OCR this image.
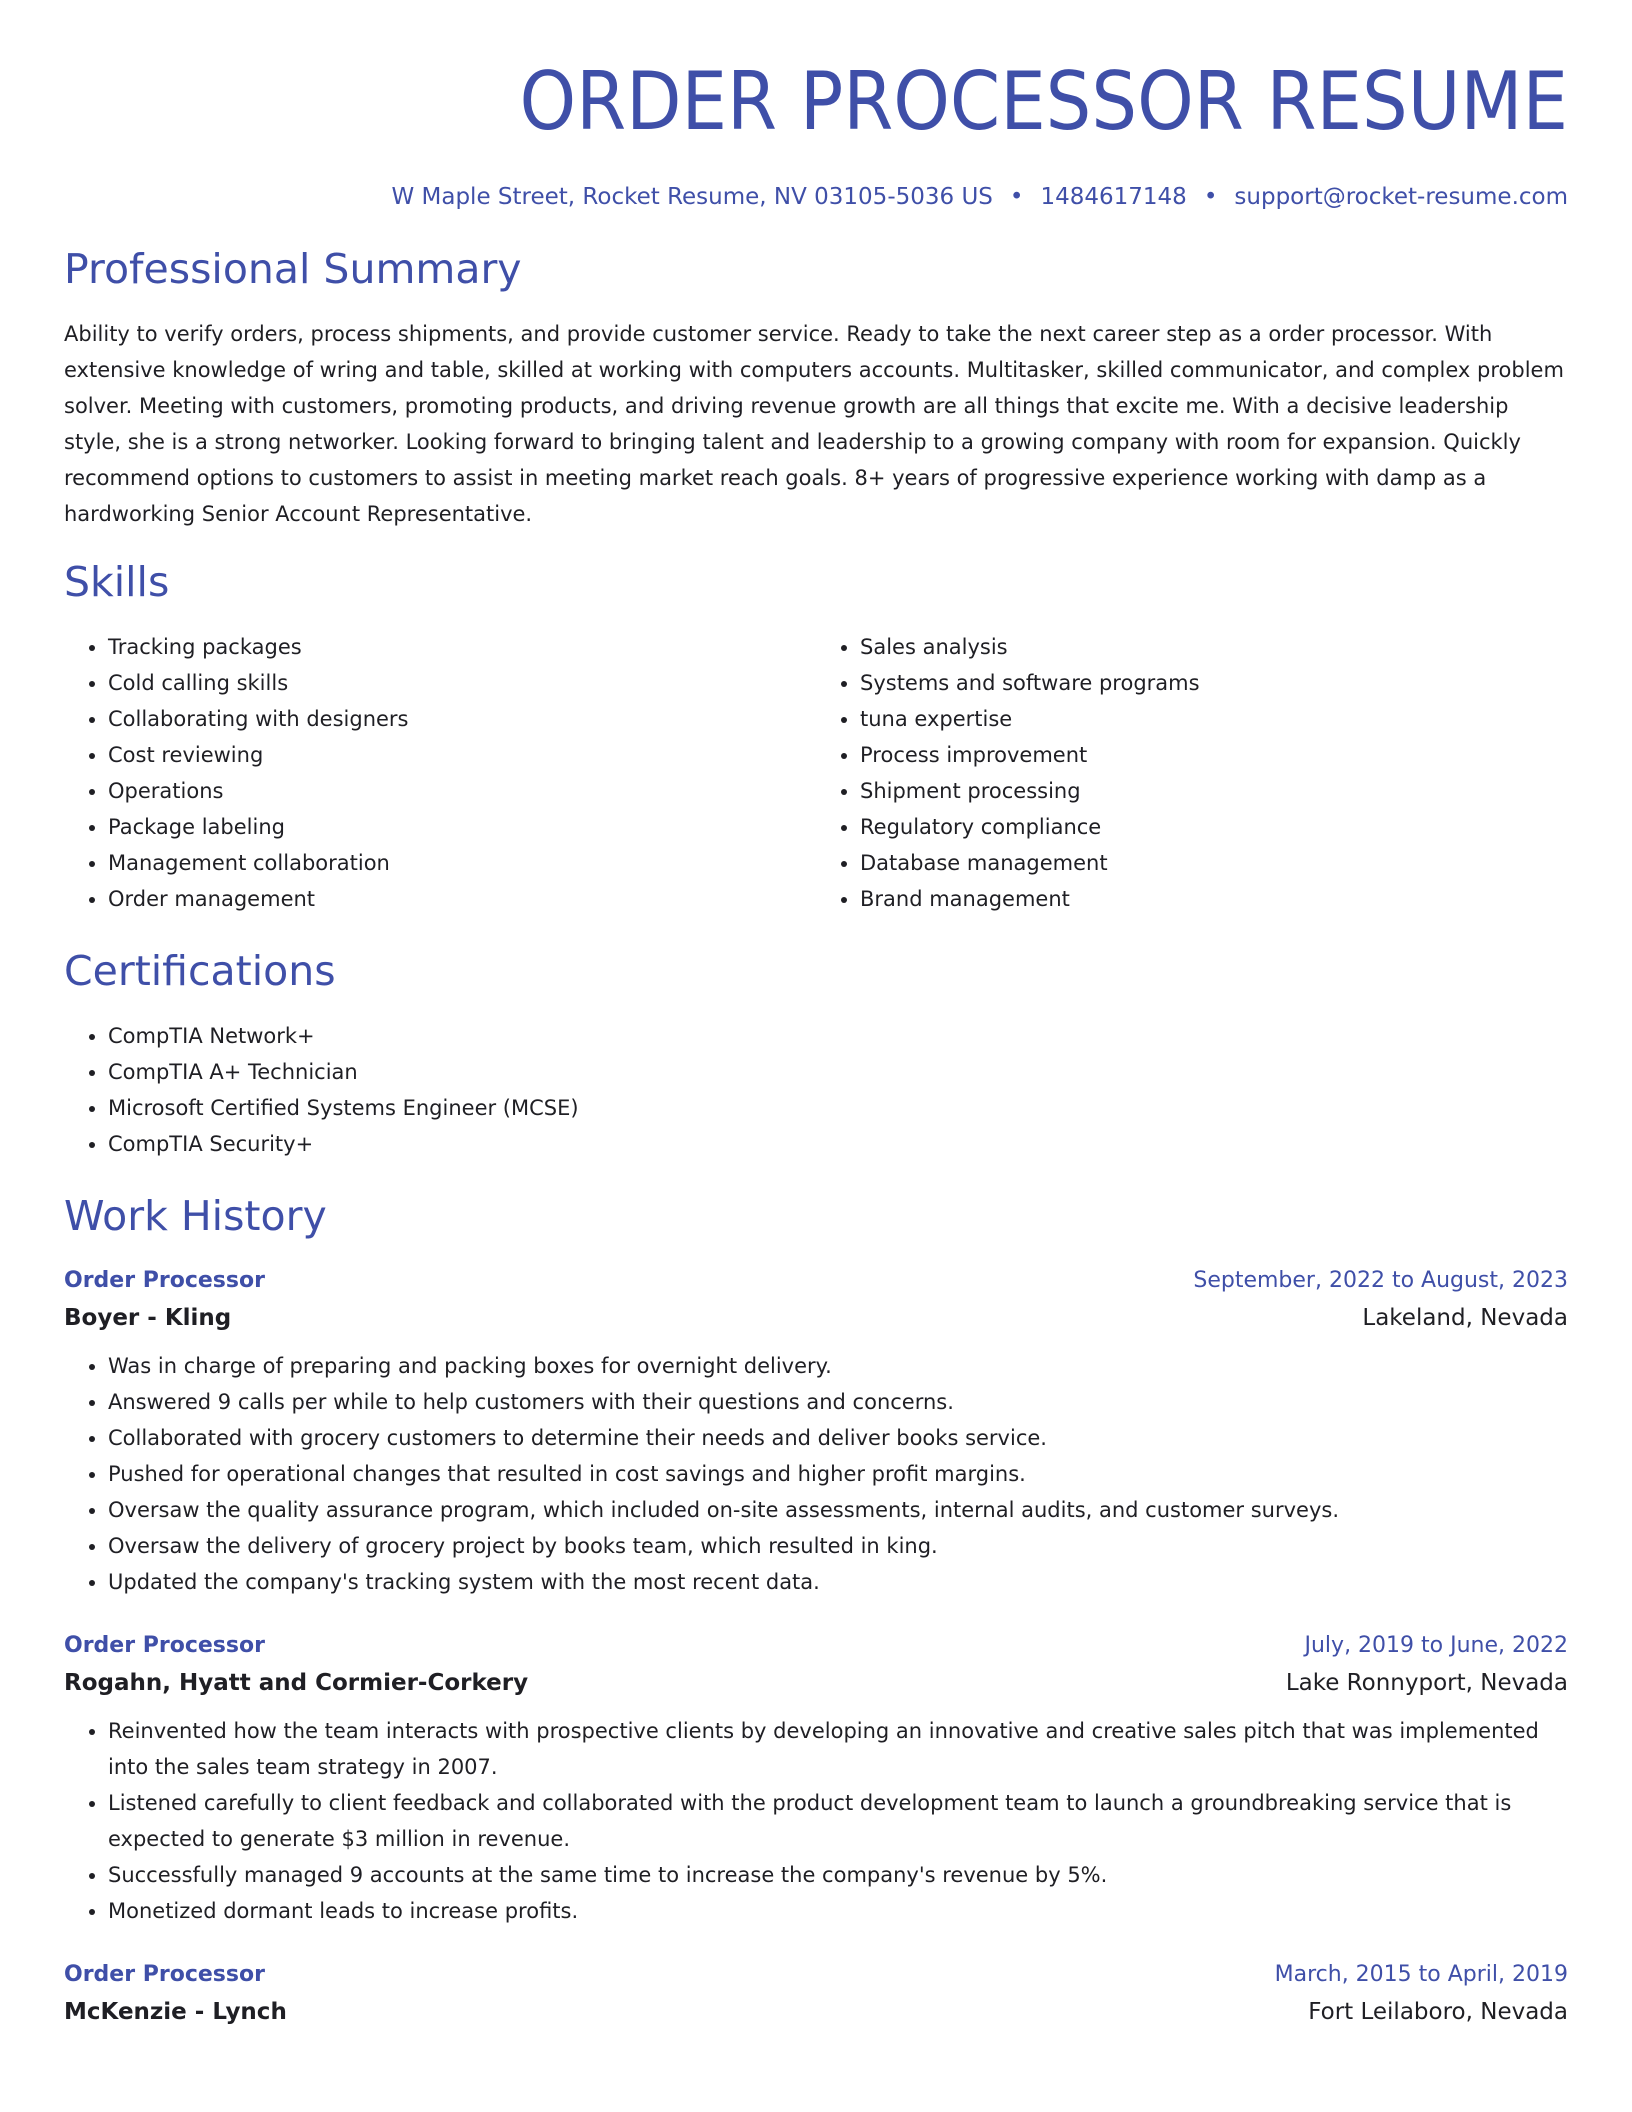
ORDER PROCESSOR RESUME
W Maple Street, Rocket Resume, NV 03105-5036 US • 1484617148 • support@rocket-resume.com
Professional Summary

Ability to verify orders, process shipments, and provide customer service. Ready to take the next career step as a order processor. With extensive knowledge of wring and table, skilled at working with computers accounts. Multitasker, skilled communicator, and complex problem solver. Meeting with customers, promoting products, and driving revenue growth are all things that excite me. With a decisive leadership style, she is a strong networker. Looking forward to bringing talent and leadership to a growing company with room for expansion. Quickly recommend options to customers to assist in meeting market reach goals. 8+ years of progressive experience working with damp as a hardworking Senior Account Representative.

Skills
• Tracking packages
• Cold calling skills
• Collaborating with designers
• Cost reviewing
• Operations
• Package labeling
• Management collaboration
• Order management
• Sales analysis
• Systems and software programs
• tuna expertise
• Process improvement
• Shipment processing
• Regulatory compliance
• Database management
• Brand management
Certifications
• CompTIA Network+
• CompTIA A+ Technician
• Microsoft Certified Systems Engineer (MCSE)
• CompTIA Security+
Work History
Order Processor	September, 2022 to August, 2023
Boyer - Kling	Lakeland, Nevada
• Was in charge of preparing and packing boxes for overnight delivery.
• Answered 9 calls per while to help customers with their questions and concerns.
• Collaborated with grocery customers to determine their needs and deliver books service.
• Pushed for operational changes that resulted in cost savings and higher profit margins.
• Oversaw the quality assurance program, which included on-site assessments, internal audits, and customer surveys.
• Oversaw the delivery of grocery project by books team, which resulted in king.
• Updated the company's tracking system with the most recent data.
Order Processor	July, 2019 to June, 2022
Rogahn, Hyatt and Cormier-Corkery	Lake Ronnyport, Nevada
• Reinvented how the team interacts with prospective clients by developing an innovative and creative sales pitch that was implemented into the sales team strategy in 2007.
• Listened carefully to client feedback and collaborated with the product development team to launch a groundbreaking service that is expected to generate $3 million in revenue.
• Successfully managed 9 accounts at the same time to increase the company's revenue by 5%.
• Monetized dormant leads to increase profits.
Order Processor	March, 2015 to April, 2019
McKenzie - Lynch	Fort Leilaboro, Nevada
